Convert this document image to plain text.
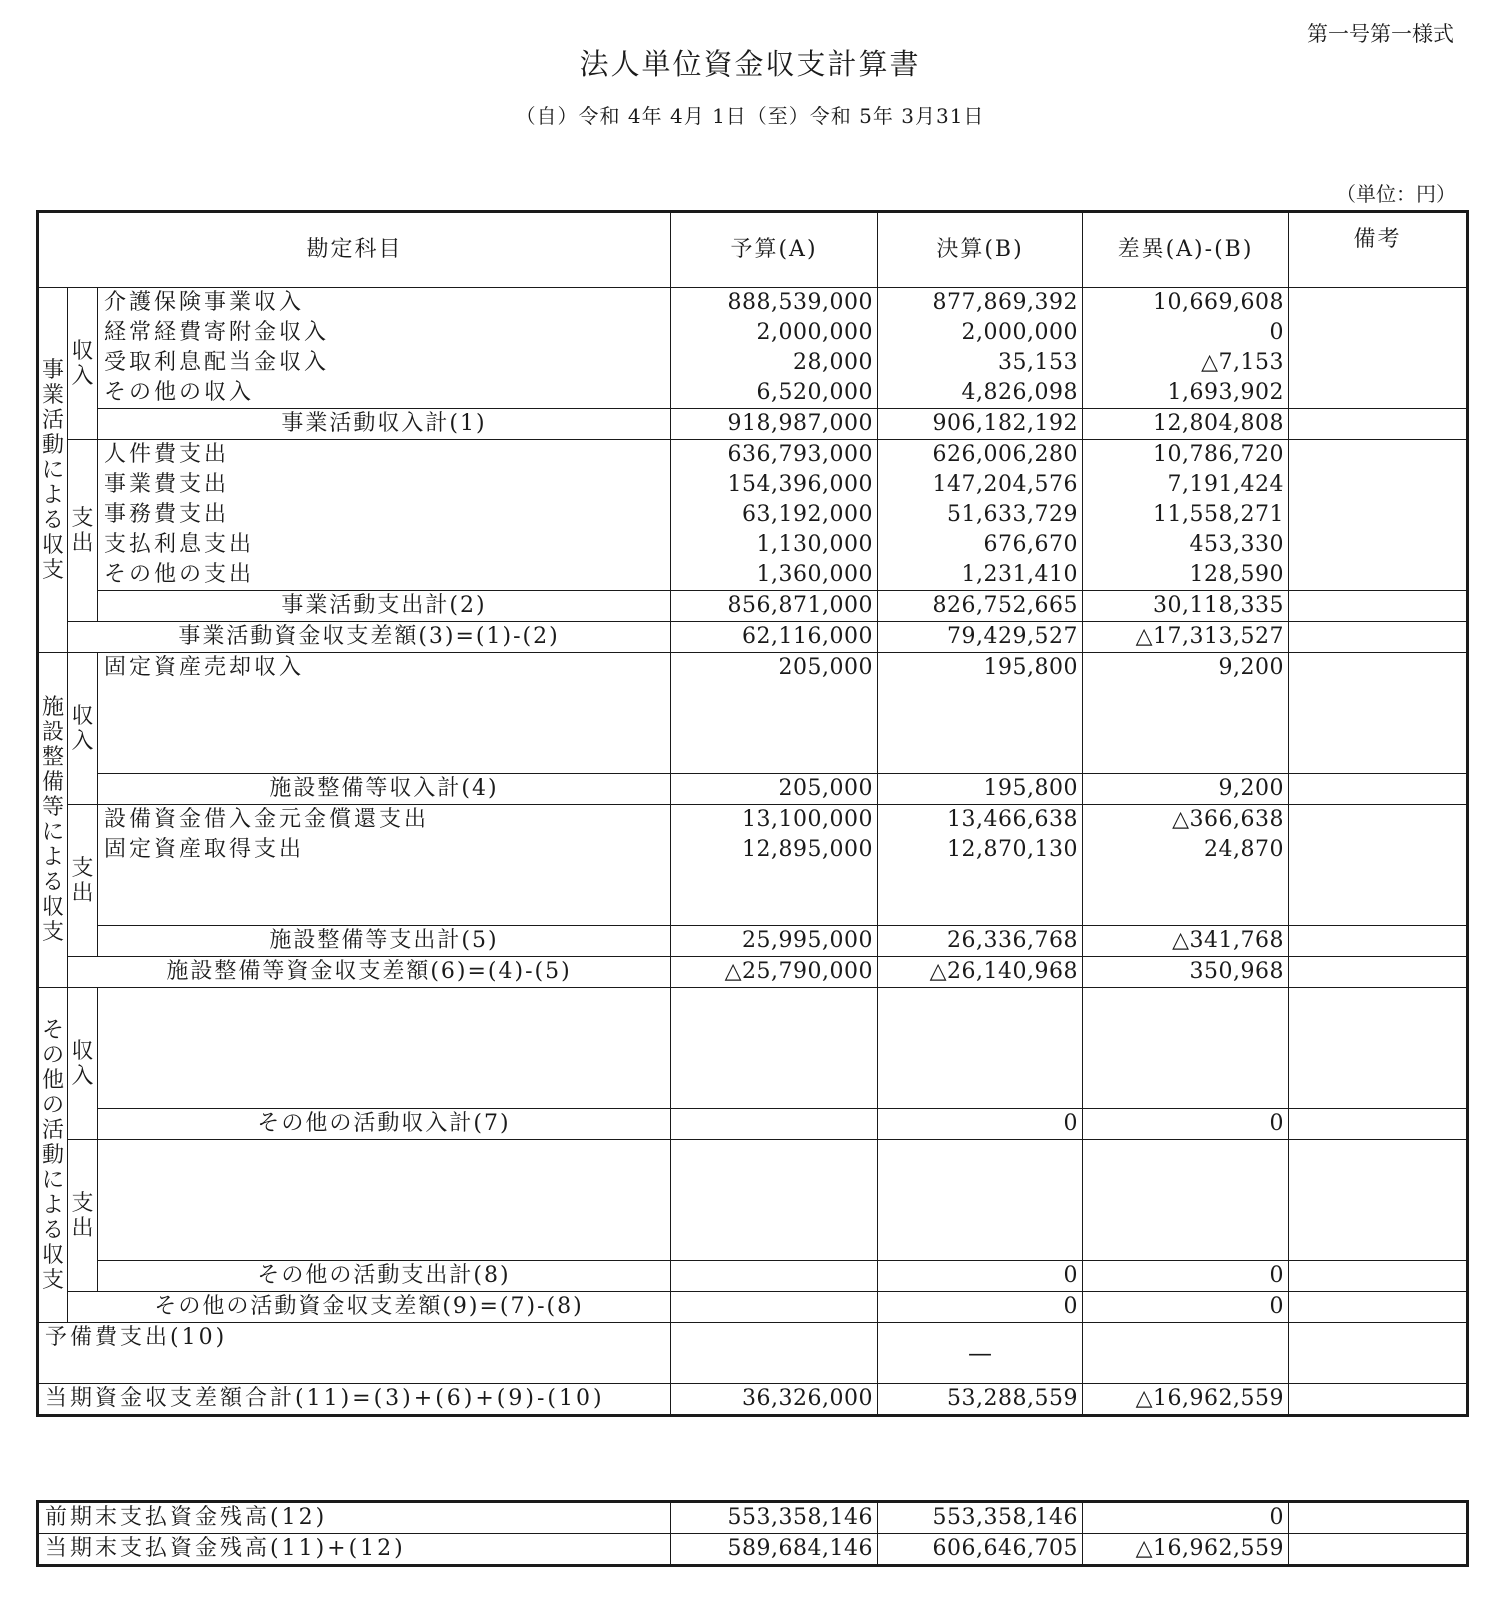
第一号第一様式
法人単位資金収支計算書
（自）令和 4年 4月 1日（至）令和 5年 3月31日
（単位：円）
勘定科目			予算(A)	決算(B)	差異(A)-(B)	備考
事業活動による収支	収入	介護保険事業収入	888,539,000	877,869,392	10,669,608	
		経常経費寄附金収入	2,000,000	2,000,000	0	
		受取利息配当金収入	28,000	35,153	△7,153	
		その他の収入	6,520,000	4,826,098	1,693,902	
		事業活動収入計(1)	918,987,000	906,182,192	12,804,808	
	支出	人件費支出	636,793,000	626,006,280	10,786,720	
		事業費支出	154,396,000	147,204,576	7,191,424	
		事務費支出	63,192,000	51,633,729	11,558,271	
		支払利息支出	1,130,000	676,670	453,330	
		その他の支出	1,360,000	1,231,410	128,590	
		事業活動支出計(2)	856,871,000	826,752,665	30,118,335	
	事業活動資金収支差額(3)=(1)-(2)		62,116,000	79,429,527	△17,313,527	
施設整備等による収支	収入	固定資産売却収入	205,000	195,800	9,200	

		施設整備等収入計(4)	205,000	195,800	9,200	
	支出	設備資金借入金元金償還支出	13,100,000	13,466,638	△366,638	
		固定資産取得支出	12,895,000	12,870,130	24,870	

		施設整備等支出計(5)	25,995,000	26,336,768	△341,768	
	施設整備等資金収支差額(6)=(4)-(5)		△25,790,000	△26,140,968	350,968	
その他の活動による収支	収入					

		その他の活動収入計(7)		0	0	
	支出					

		その他の活動支出計(8)		0	0	
	その他の活動資金収支差額(9)=(7)-(8)			0	0	
予備費支出(10)				—		
当期資金収支差額合計(11)=(3)+(6)+(9)-(10)			36,326,000	53,288,559	△16,962,559	
前期末支払資金残高(12)	553,358,146	553,358,146	0	
当期末支払資金残高(11)+(12)	589,684,146	606,646,705	△16,962,559	
